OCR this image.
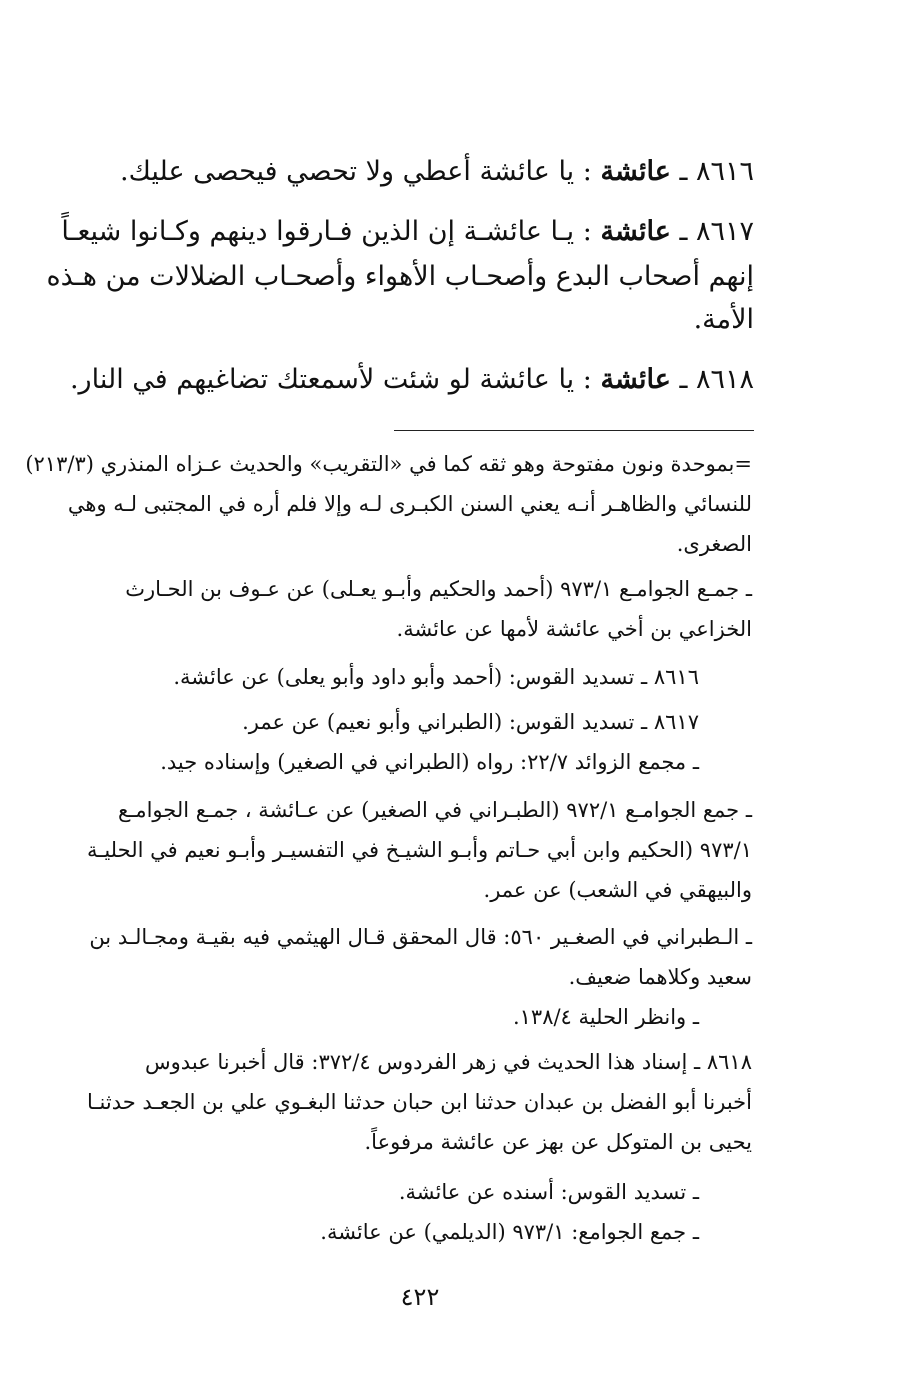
٨٦١٦ ـ عائشة : يا عائشة أعطي ولا تحصي فيحصى عليك.
٨٦١٧ ـ عائشة : يـا عائشـة إن الذين فـارقوا دينهم وكـانوا شيعـاً
إنهم أصحاب البدع وأصحـاب الأهواء وأصحـاب الضلالات من هـذه
الأمة.
٨٦١٨ ـ عائشة : يا عائشة لو شئت لأسمعتك تضاغيهم في النار.
=بموحدة ونون مفتوحة وهو ثقه كما في «التقريب» والحديث عـزاه المنذري (٢١٣/٣)
للنسائي والظاهـر أنـه يعني السنن الكبـرى لـه وإلا فلم أره في المجتبى لـه وهي
الصغرى.
ـ جمـع الجوامـع ٩٧٣/١ (أحمد والحكيم وأبـو يعـلى) عن عـوف بن الحـارث
الخزاعي بن أخي عائشة لأمها عن عائشة.
٨٦١٦ ـ تسديد القوس: (أحمد وأبو داود وأبو يعلى) عن عائشة.
٨٦١٧ ـ تسديد القوس: (الطبراني وأبو نعيم) عن عمر.
ـ مجمع الزوائد ٢٢/٧: رواه (الطبراني في الصغير) وإسناده جيد.
ـ جمع الجوامـع ٩٧٢/١ (الطبـراني في الصغير) عن عـائشة ، جمـع الجوامـع
٩٧٣/١ (الحكيم وابن أبي حـاتم وأبـو الشيـخ في التفسيـر وأبـو نعيم في الحليـة
والبيهقي في الشعب) عن عمر.
ـ الـطبراني في الصغـير ٥٦٠: قال المحقق قـال الهيثمي فيه بقيـة ومجـالـد بن
سعيد وكلاهما ضعيف.
ـ وانظر الحلية ١٣٨/٤.
٨٦١٨ ـ إسناد هذا الحديث في زهر الفردوس ٣٧٢/٤: قال أخبرنا عبدوس
أخبرنا أبو الفضل بن عبدان حدثنا ابن حبان حدثنا البغـوي علي بن الجعـد حدثنـا
يحيى بن المتوكل عن بهز عن عائشة مرفوعاً.
ـ تسديد القوس: أسنده عن عائشة.
ـ جمع الجوامع: ٩٧٣/١ (الديلمي) عن عائشة.
٤٢٢
